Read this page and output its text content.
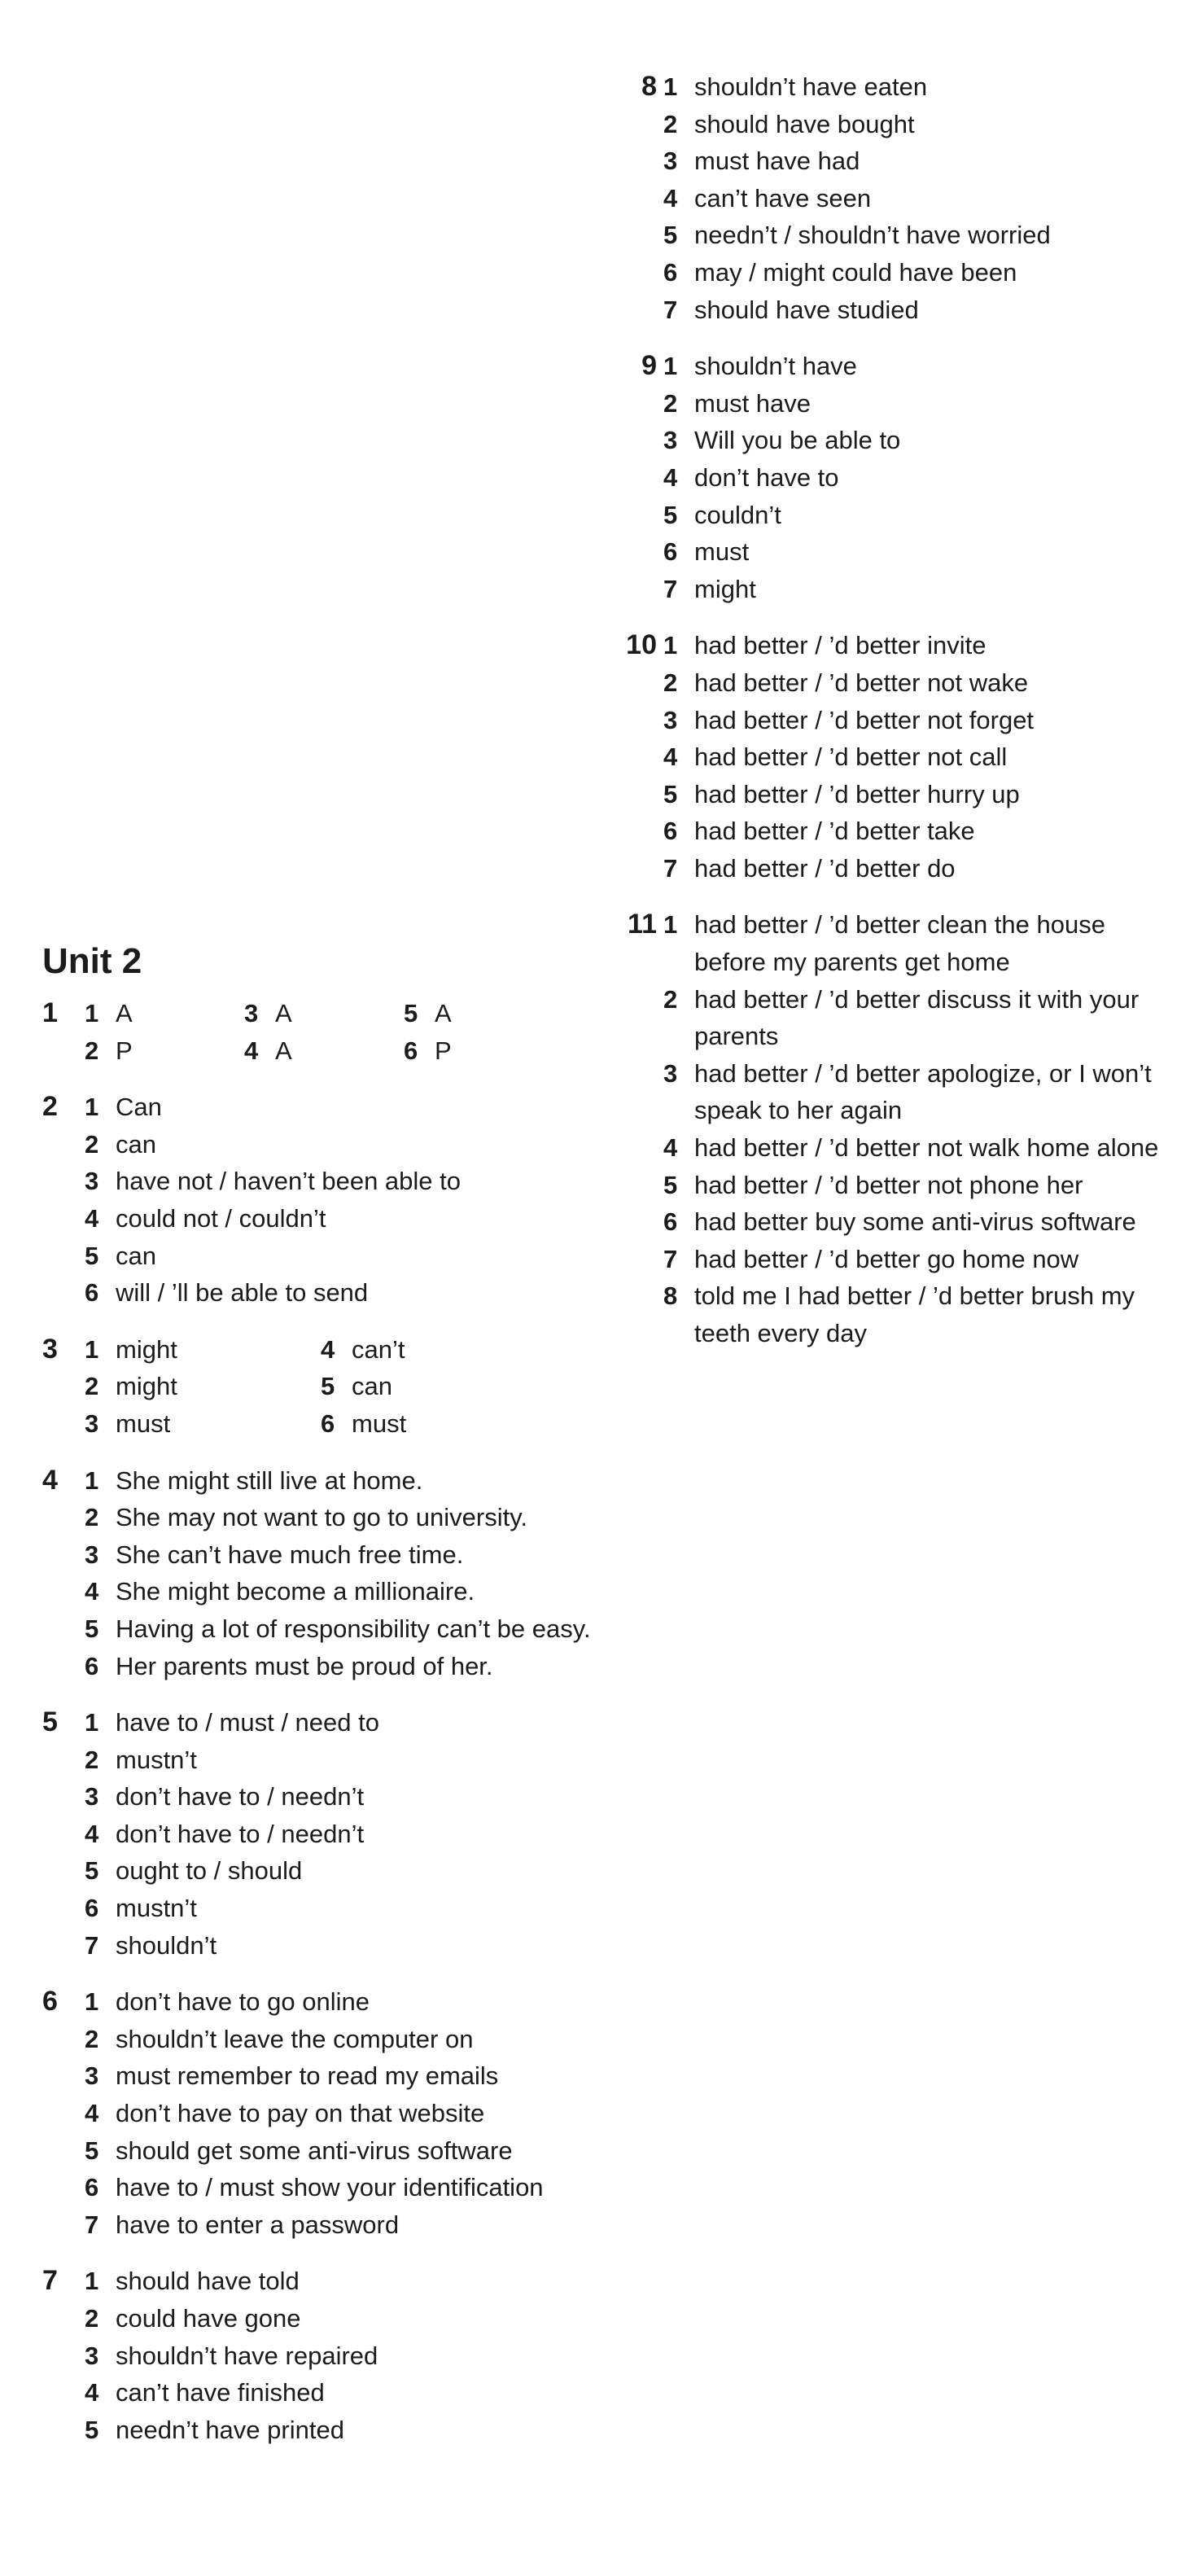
Unit 2
1	1 A	3 A	5 A
2 P	4 A	6 P
2	1 Can
2 can
3 have not / haven’t been able to
4 could not / couldn’t
5 can
6 will / ’ll be able to send
3	1 might	4 can’t
2 might	5 can
3 must	6 must
4	1 She might still live at home.
2 She may not want to go to university.
3 She can’t have much free time.
4 She might become a millionaire.
5 Having a lot of responsibility can’t be easy.
6 Her parents must be proud of her.
5	1 have to / must / need to
2 mustn’t
3 don’t have to / needn’t
4 don’t have to / needn’t
5 ought to / should
6 mustn’t
7 shouldn’t
6	1 don’t have to go online
2 shouldn’t leave the computer on
3 must remember to read my emails
4 don’t have to pay on that website
5 should get some anti-virus software
6 have to / must show your identification
7 have to enter a password
7	1 should have told
2 could have gone
3 shouldn’t have repaired
4 can’t have finished
5 needn’t have printed
8 1 shouldn’t have eaten
2 should have bought
3 must have had
4 can’t have seen
5 needn’t / shouldn’t have worried
6 may / might could have been
7 should have studied
9 1 shouldn’t have
2 must have
3 Will you be able to
4 don’t have to
5 couldn’t
6 must
7 might
10 1 had better / ’d better invite
2 had better / ’d better not wake
3 had better / ’d better not forget
4 had better / ’d better not call
5 had better / ’d better hurry up
6 had better / ’d better take
7 had better / ’d better do
11 1 had better / ’d better clean the house before my parents get home
2 had better / ’d better discuss it with your parents
3 had better / ’d better apologize, or I won’t speak to her again
4 had better / ’d better not walk home alone
5 had better / ’d better not phone her
6 had better buy some anti-virus software
7 had better / ’d better go home now
8 told me I had better / ’d better brush my teeth every day
